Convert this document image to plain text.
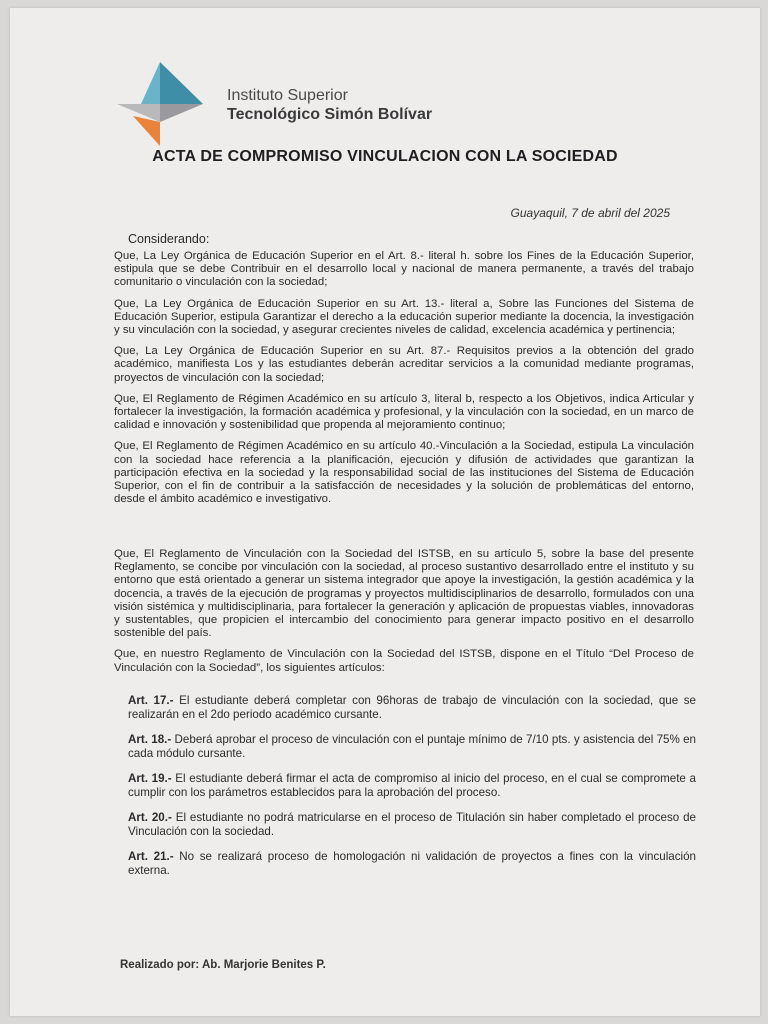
Instituto Superior
Tecnológico Simón Bolívar
ACTA DE COMPROMISO VINCULACION CON LA SOCIEDAD
Guayaquil, 7 de abril del 2025
Considerando:

Que, La Ley Orgánica de Educación Superior en el Art. 8.- literal h. sobre los Fines de la Educación Superior, estipula que se debe Contribuir en el desarrollo local y nacional de manera permanente, a través del trabajo comunitario o vinculación con la sociedad;

Que, La Ley Orgánica de Educación Superior en su Art. 13.- literal a, Sobre las Funciones del Sistema de Educación Superior, estipula Garantizar el derecho a la educación superior mediante la docencia, la investigación y su vinculación con la sociedad, y asegurar crecientes niveles de calidad, excelencia académica y pertinencia;

Que, La Ley Orgánica de Educación Superior en su Art. 87.- Requisitos previos a la obtención del grado académico, manifiesta Los y las estudiantes deberán acreditar servicios a la comunidad mediante programas, proyectos de vinculación con la sociedad;

Que, El Reglamento de Régimen Académico en su artículo 3, literal b, respecto a los Objetivos, indica Articular y fortalecer la investigación, la formación académica y profesional, y la vinculación con la sociedad, en un marco de calidad e innovación y sostenibilidad que propenda al mejoramiento continuo;

Que, El Reglamento de Régimen Académico en su artículo 40.-Vinculación a la Sociedad, estipula La vinculación con la sociedad hace referencia a la planificación, ejecución y difusión de actividades que garantizan la participación efectiva en la sociedad y la responsabilidad social de las instituciones del Sistema de Educación Superior, con el fin de contribuir a la satisfacción de necesidades y la solución de problemáticas del entorno, desde el ámbito académico e investigativo.

Que, El Reglamento de Vinculación con la Sociedad del ISTSB, en su artículo 5, sobre la base del presente Reglamento, se concibe por vinculación con la sociedad, al proceso sustantivo desarrollado entre el instituto y su entorno que está orientado a generar un sistema integrador que apoye la investigación, la gestión académica y la docencia, a través de la ejecución de programas y proyectos multidisciplinarios de desarrollo, formulados con una visión sistémica y multidisciplinaria, para fortalecer la generación y aplicación de propuestas viables, innovadoras y sustentables, que propicien el intercambio del conocimiento para generar impacto positivo en el desarrollo sostenible del país.

Que, en nuestro Reglamento de Vinculación con la Sociedad del ISTSB, dispone en el Título “Del Proceso de Vinculación con la Sociedad”, los siguientes artículos:

Art. 17.- El estudiante deberá completar con 96horas de trabajo de vinculación con la sociedad, que se realizarán en el 2do periodo académico cursante.

Art. 18.- Deberá aprobar el proceso de vinculación con el puntaje mínimo de 7/10 pts. y asistencia del 75% en cada módulo cursante.

Art. 19.- El estudiante deberá firmar el acta de compromiso al inicio del proceso, en el cual se compromete a cumplir con los parámetros establecidos para la aprobación del proceso.

Art. 20.- El estudiante no podrá matricularse en el proceso de Titulación sin haber completado el proceso de Vinculación con la sociedad.

Art. 21.- No se realizará proceso de homologación ni validación de proyectos a fines con la vinculación externa.

Realizado por: Ab. Marjorie Benites P.
